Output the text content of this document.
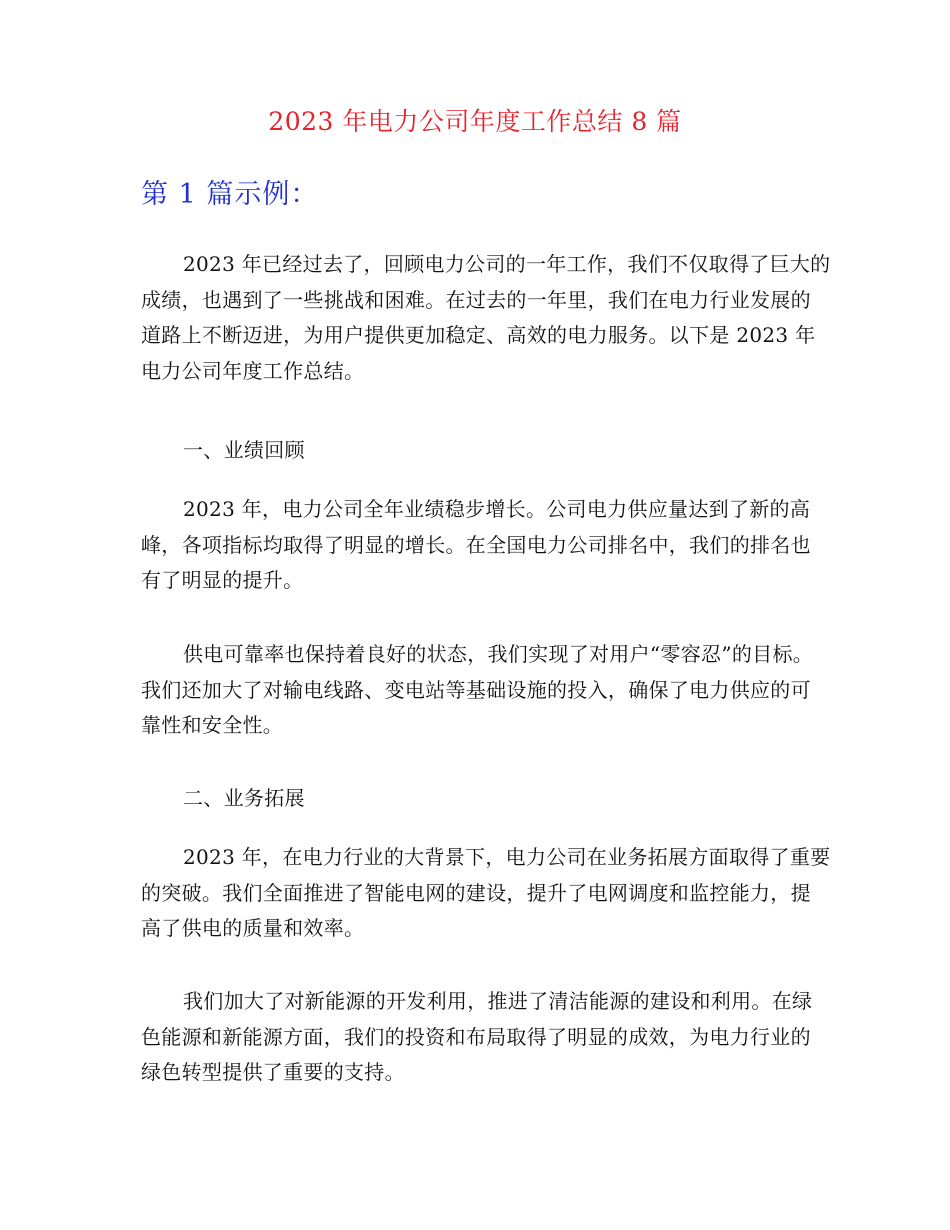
2023 年电力公司年度工作总结 8 篇
第 1 篇示例：

2023 年已经过去了，回顾电力公司的一年工作，我们不仅取得了巨大的成绩，也遇到了一些挑战和困难。在过去的一年里，我们在电力行业发展的道路上不断迈进，为用户提供更加稳定、高效的电力服务。以下是 2023 年电力公司年度工作总结。

一、业绩回顾

2023 年，电力公司全年业绩稳步增长。公司电力供应量达到了新的高峰，各项指标均取得了明显的增长。在全国电力公司排名中，我们的排名也有了明显的提升。

供电可靠率也保持着良好的状态，我们实现了对用户“零容忍”的目标。我们还加大了对输电线路、变电站等基础设施的投入，确保了电力供应的可靠性和安全性。

二、业务拓展

2023 年，在电力行业的大背景下，电力公司在业务拓展方面取得了重要的突破。我们全面推进了智能电网的建设，提升了电网调度和监控能力，提高了供电的质量和效率。

我们加大了对新能源的开发利用，推进了清洁能源的建设和利用。在绿色能源和新能源方面，我们的投资和布局取得了明显的成效，为电力行业的绿色转型提供了重要的支持。
